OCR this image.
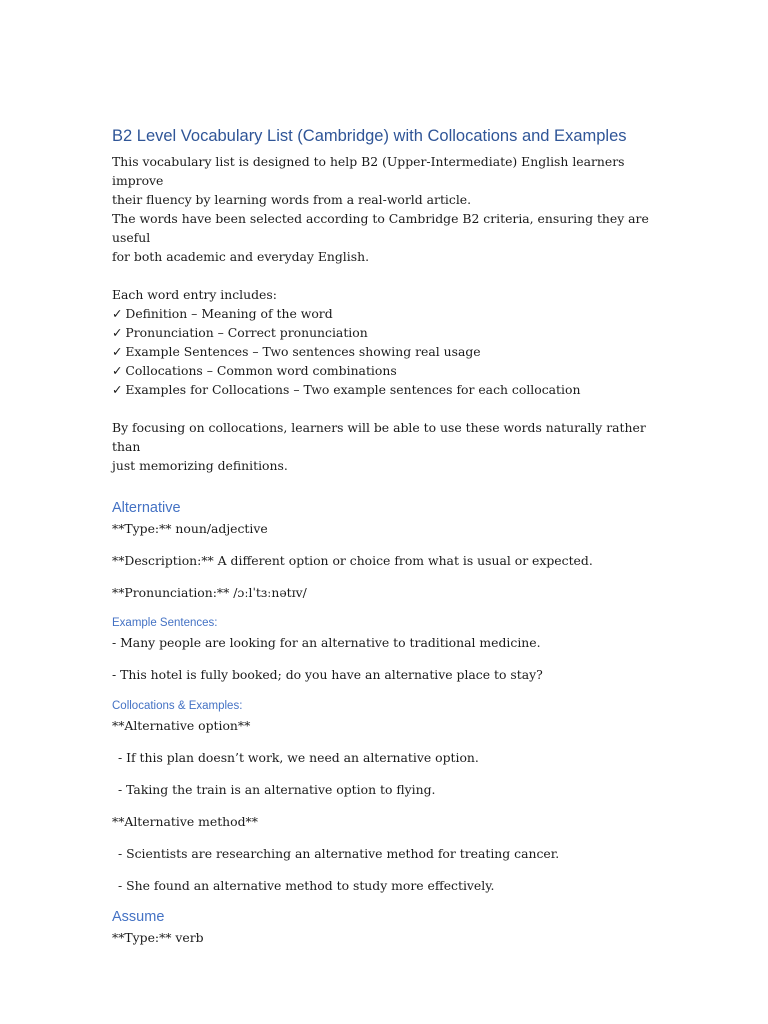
B2 Level Vocabulary List (Cambridge) with Collocations and Examples

This vocabulary list is designed to help B2 (Upper-Intermediate) English learners improve

their fluency by learning words from a real-world article.

The words have been selected according to Cambridge B2 criteria, ensuring they are useful

for both academic and everyday English.

Each word entry includes:

✓ Definition – Meaning of the word

✓ Pronunciation – Correct pronunciation

✓ Example Sentences – Two sentences showing real usage

✓ Collocations – Common word combinations

✓ Examples for Collocations – Two example sentences for each collocation

By focusing on collocations, learners will be able to use these words naturally rather than

just memorizing definitions.

Alternative

**Type:** noun/adjective

**Description:** A different option or choice from what is usual or expected.

**Pronunciation:** /ɔːlˈtɜːnətɪv/

Example Sentences:

- Many people are looking for an alternative to traditional medicine.

- This hotel is fully booked; do you have an alternative place to stay?

Collocations & Examples:

**Alternative option**

- If this plan doesn’t work, we need an alternative option.

- Taking the train is an alternative option to flying.

**Alternative method**

- Scientists are researching an alternative method for treating cancer.

- She found an alternative method to study more effectively.

Assume

**Type:** verb
